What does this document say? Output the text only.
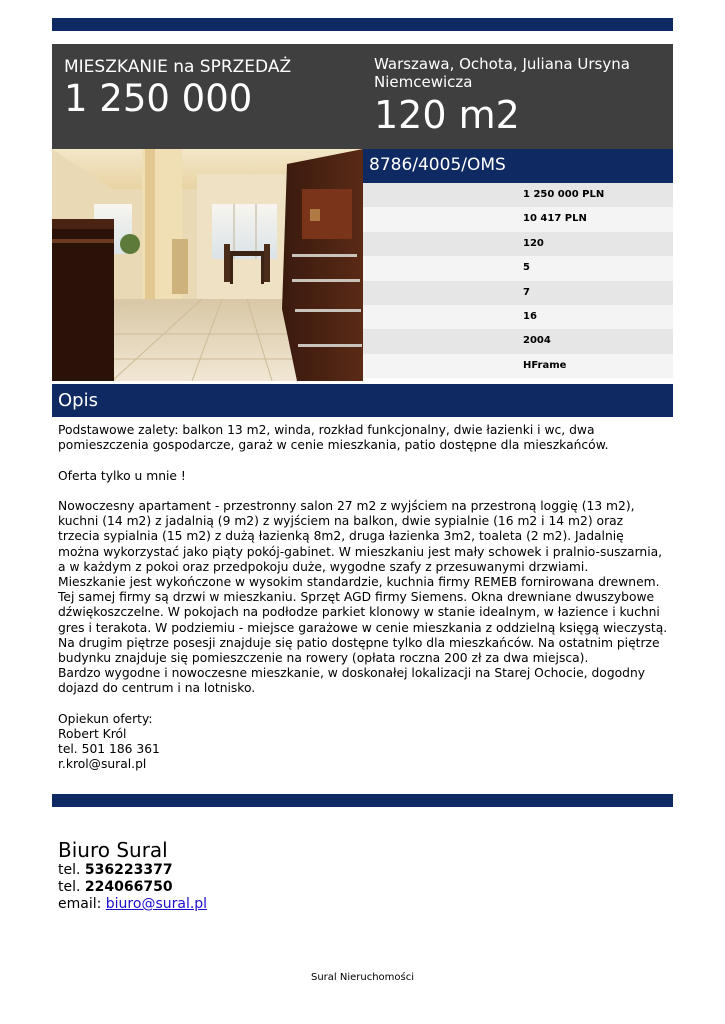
MIESZKANIE na SPRZEDAŻ
1 250 000
Warszawa, Ochota, Juliana Ursyna Niemcewicza
120 m2
8786/4005/OMS
1 250 000 PLN
10 417 PLN
120
5
7
16
2004
HFrame
Opis

Podstawowe zalety: balkon 13 m2, winda, rozkład funkcjonalny, dwie łazienki i wc, dwa pomieszczenia gospodarcze, garaż w cenie mieszkania, patio dostępne dla mieszkańców.

Oferta tylko u mnie !

Nowoczesny apartament - przestronny salon 27 m2 z wyjściem na przestroną loggię (13 m2), kuchni (14 m2) z jadalnią (9 m2) z wyjściem na balkon, dwie sypialnie (16 m2 i 14 m2) oraz trzecia sypialnia (15 m2) z dużą łazienką 8m2, druga łazienka 3m2, toaleta (2 m2). Jadalnię można wykorzystać jako piąty pokój-gabinet. W mieszkaniu jest mały schowek i pralnio-suszarnia, a w każdym z pokoi oraz przedpokoju duże, wygodne szafy z przesuwanymi drzwiami.
Mieszkanie jest wykończone w wysokim standardzie, kuchnia firmy REMEB fornirowana drewnem. Tej samej firmy są drzwi w mieszkaniu. Sprzęt AGD firmy Siemens. Okna drewniane dwuszybowe dźwiękoszczelne. W pokojach na podłodze parkiet klonowy w stanie idealnym, w łazience i kuchni gres i terakota. W podziemiu - miejsce garażowe w cenie mieszkania z oddzielną księgą wieczystą. Na drugim piętrze posesji znajduje się patio dostępne tylko dla mieszkańców. Na ostatnim piętrze budynku znajduje się pomieszczenie na rowery (opłata roczna 200 zł za dwa miejsca).
Bardzo wygodne i nowoczesne mieszkanie, w doskonałej lokalizacji na Starej Ochocie, dogodny dojazd do centrum i na lotnisko.

Opiekun oferty:
Robert Król
tel. 501 186 361
r.krol@sural.pl

Biuro Sural
tel. 536223377
tel. 224066750
email: biuro@sural.pl
Sural Nieruchomości
